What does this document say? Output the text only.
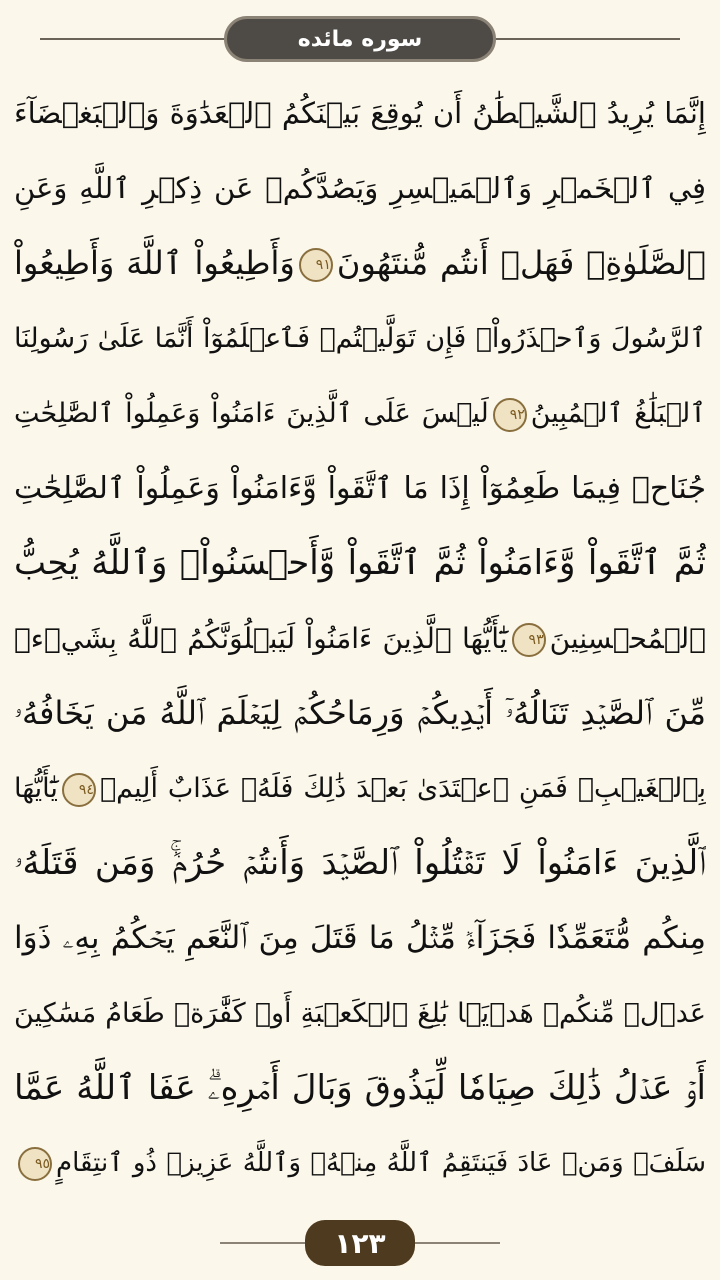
سوره مائده
إِنَّمَا يُرِيدُ ٱلشَّيۡطَٰنُ أَن يُوقِعَ بَيۡنَكُمُ ٱلۡعَدَٰوَةَ وَٱلۡبَغۡضَآءَ
فِي ٱلۡخَمۡرِ وَٱلۡمَيۡسِرِ وَيَصُدَّكُمۡ عَن ذِكۡرِ ٱللَّهِ وَعَنِ
ٱلصَّلَوٰةِۖ فَهَلۡ أَنتُم مُّنتَهُونَ٩١وَأَطِيعُواْ ٱللَّهَ وَأَطِيعُواْ
ٱلرَّسُولَ وَٱحۡذَرُواْۚ فَإِن تَوَلَّيۡتُمۡ فَٱعۡلَمُوٓاْ أَنَّمَا عَلَىٰ رَسُولِنَا
ٱلۡبَلَٰغُ ٱلۡمُبِينُ٩٢لَيۡسَ عَلَى ٱلَّذِينَ ءَامَنُواْ وَعَمِلُواْ ٱلصَّٰلِحَٰتِ
جُنَاحٞ فِيمَا طَعِمُوٓاْ إِذَا مَا ٱتَّقَواْ وَّءَامَنُواْ وَعَمِلُواْ ٱلصَّٰلِحَٰتِ
ثُمَّ ٱتَّقَواْ وَّءَامَنُواْ ثُمَّ ٱتَّقَواْ وَّأَحۡسَنُواْۚ وَٱللَّهُ يُحِبُّ
ٱلۡمُحۡسِنِينَ٩٣يَٰٓأَيُّهَا ٱلَّذِينَ ءَامَنُواْ لَيَبۡلُوَنَّكُمُ ٱللَّهُ بِشَيۡءٖ
مِّنَ ٱلصَّيۡدِ تَنَالُهُۥٓ أَيۡدِيكُمۡ وَرِمَاحُكُمۡ لِيَعۡلَمَ ٱللَّهُ مَن يَخَافُهُۥ
بِٱلۡغَيۡبِۚ فَمَنِ ٱعۡتَدَىٰ بَعۡدَ ذَٰلِكَ فَلَهُۥ عَذَابٌ أَلِيمٞ٩٤يَٰٓأَيُّهَا
ٱلَّذِينَ ءَامَنُواْ لَا تَقۡتُلُواْ ٱلصَّيۡدَ وَأَنتُمۡ حُرُمٞۚ وَمَن قَتَلَهُۥ
مِنكُم مُّتَعَمِّدٗا فَجَزَآءٞ مِّثۡلُ مَا قَتَلَ مِنَ ٱلنَّعَمِ يَحۡكُمُ بِهِۦ ذَوَا
عَدۡلٖ مِّنكُمۡ هَدۡيَۢا بَٰلِغَ ٱلۡكَعۡبَةِ أَوۡ كَفَّٰرَةٞ طَعَامُ مَسَٰكِينَ
أَوۡ عَدۡلُ ذَٰلِكَ صِيَامٗا لِّيَذُوقَ وَبَالَ أَمۡرِهِۦۗ عَفَا ٱللَّهُ عَمَّا
سَلَفَۚ وَمَنۡ عَادَ فَيَنتَقِمُ ٱللَّهُ مِنۡهُۚ وَٱللَّهُ عَزِيزٞ ذُو ٱنتِقَامٍ٩٥
١٢٣
